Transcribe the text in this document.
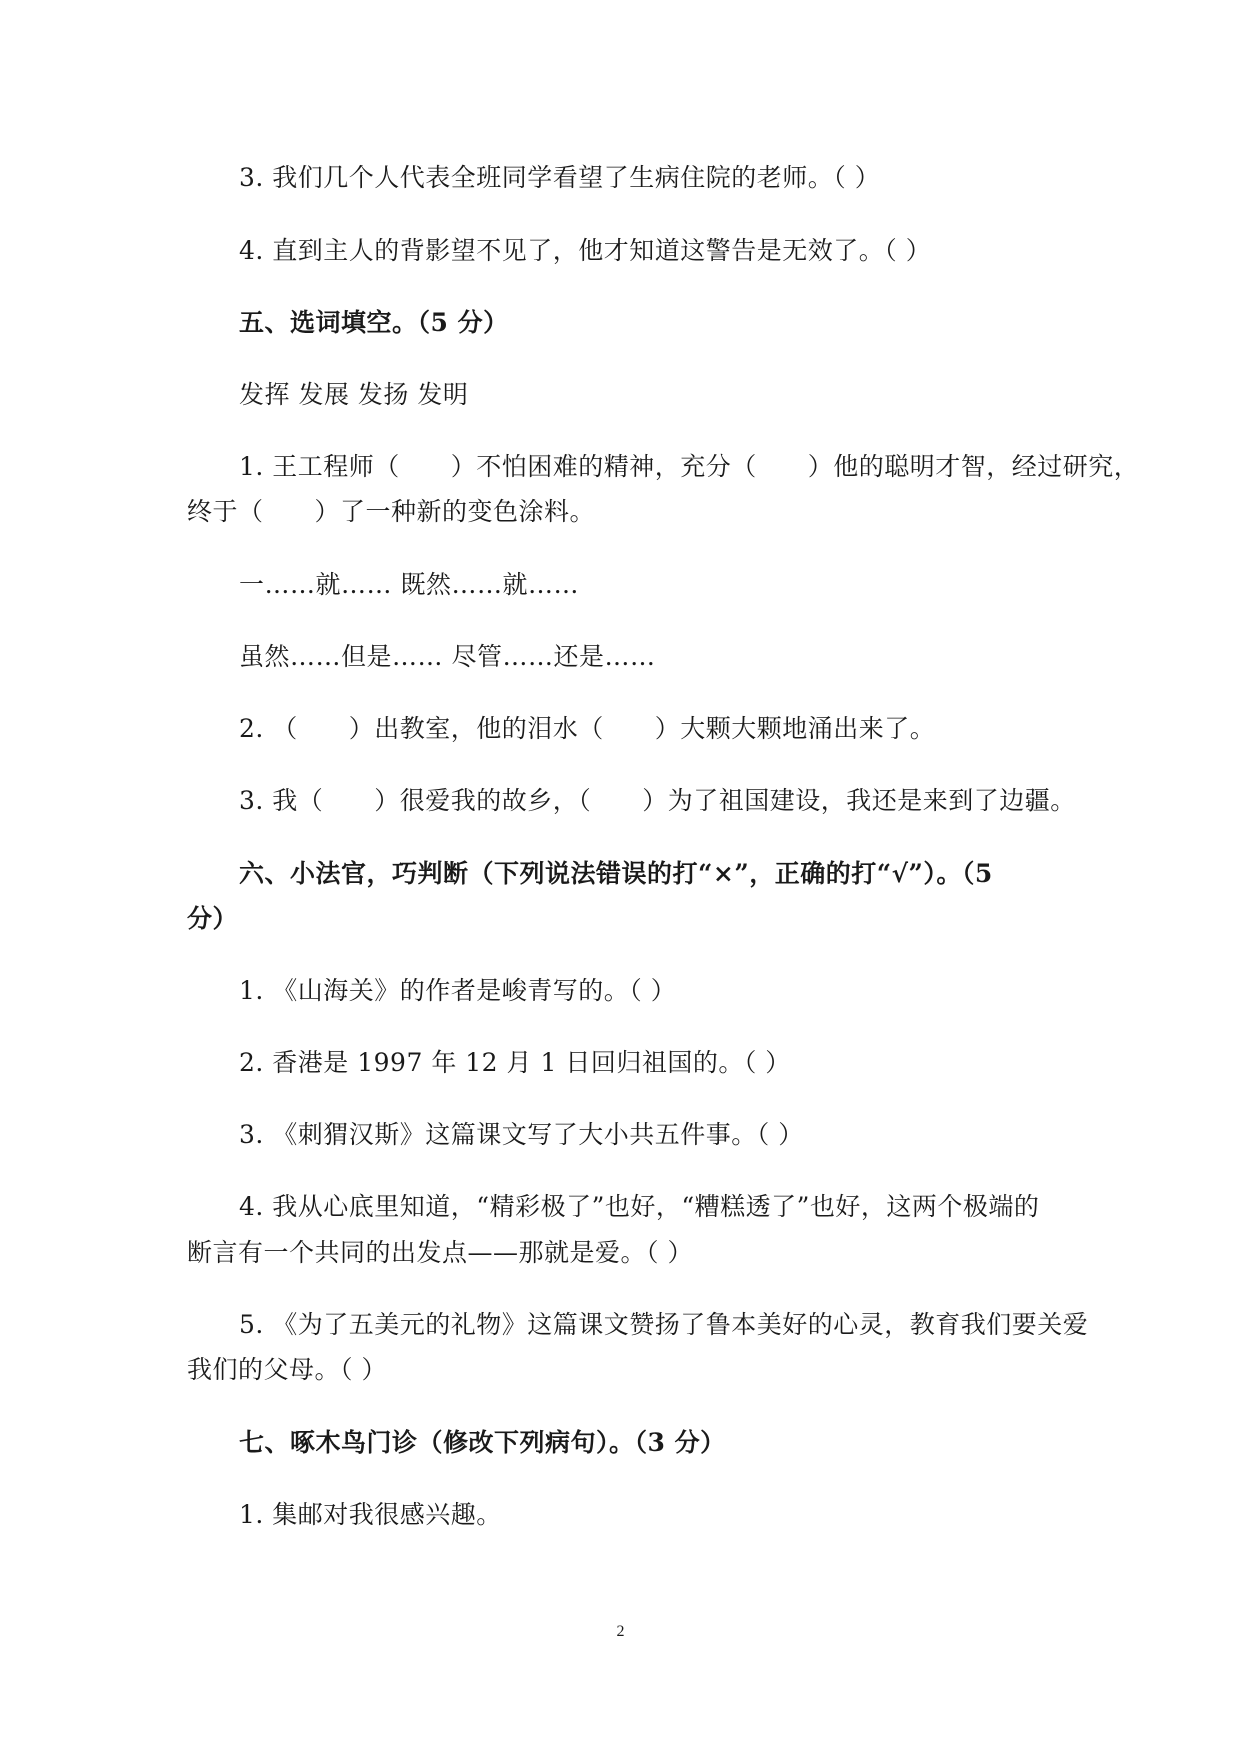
3. 我们几个人代表全班同学看望了生病住院的老师。（ ）
4. 直到主人的背影望不见了，他才知道这警告是无效了。（ ）
五、选词填空。（5 分）
发挥 发展 发扬 发明
1. 王工程师（　　）不怕困难的精神，充分（　　）他的聪明才智，经过研究，
终于（　　）了一种新的变色涂料。
一……就…… 既然……就……
虽然……但是…… 尽管……还是……
2. （　　）出教室，他的泪水（　　）大颗大颗地涌出来了。
3. 我（　　）很爱我的故乡，（　　）为了祖国建设，我还是来到了边疆。
六、小法官，巧判断（下列说法错误的打“×”，正确的打“√”）。（5
分）
1. 《山海关》的作者是峻青写的。（ ）
2. 香港是 1997 年 12 月 1 日回归祖国的。（ ）
3. 《刺猬汉斯》这篇课文写了大小共五件事。（ ）
4. 我从心底里知道，“精彩极了”也好，“糟糕透了”也好，这两个极端的
断言有一个共同的出发点——那就是爱。（ ）
5. 《为了五美元的礼物》这篇课文赞扬了鲁本美好的心灵，教育我们要关爱
我们的父母。（ ）
七、啄木鸟门诊（修改下列病句）。（3 分）
1. 集邮对我很感兴趣。
2
